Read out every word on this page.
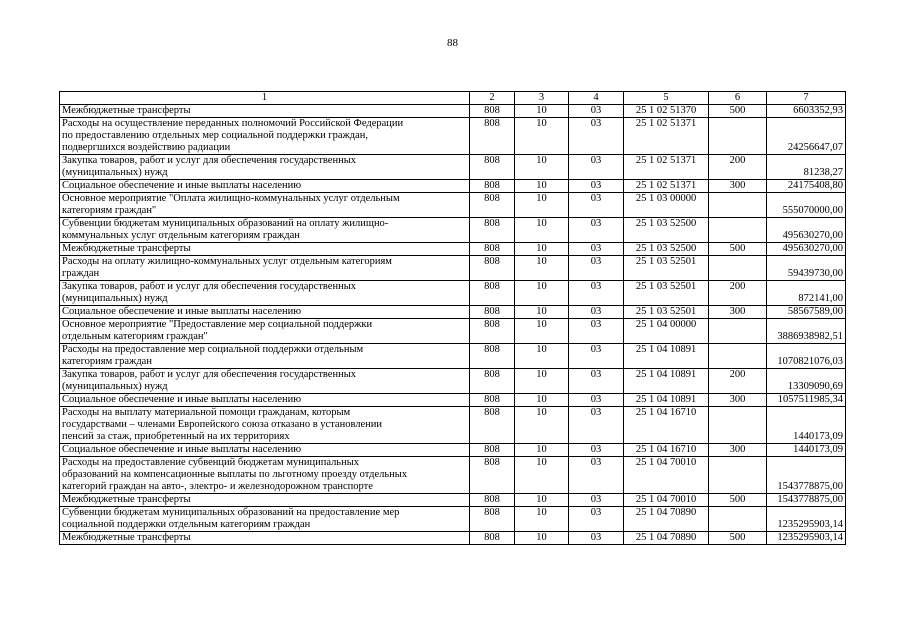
88
1	2	3	4	5	6	7

Межбюджетные трансферты	808	10	03	25 1 02 51370	500	6603352,93

Расходы на осуществление переданных полномочий Российской Федерации
по предоставлению отдельных мер социальной поддержки граждан,
подвергшихся воздействию радиации	808	10	03	25 1 02 51371		24256647,07

Закупка товаров, работ и услуг для обеспечения государственных
(муниципальных) нужд	808	10	03	25 1 02 51371	200	81238,27

Социальное обеспечение и иные выплаты населению	808	10	03	25 1 02 51371	300	24175408,80

Основное мероприятие "Оплата жилищно-коммунальных услуг отдельным
категориям граждан"	808	10	03	25 1 03 00000		555070000,00

Субвенции бюджетам муниципальных образований на оплату жилищно-
коммунальных услуг отдельным категориям граждан	808	10	03	25 1 03 52500		495630270,00

Межбюджетные трансферты	808	10	03	25 1 03 52500	500	495630270,00

Расходы на оплату жилищно-коммунальных услуг отдельным категориям
граждан	808	10	03	25 1 03 52501		59439730,00

Закупка товаров, работ и услуг для обеспечения государственных
(муниципальных) нужд	808	10	03	25 1 03 52501	200	872141,00

Социальное обеспечение и иные выплаты населению	808	10	03	25 1 03 52501	300	58567589,00

Основное мероприятие "Предоставление мер социальной поддержки
отдельным категориям граждан"	808	10	03	25 1 04 00000		3886938982,51

Расходы на предоставление мер социальной поддержки отдельным
категориям граждан	808	10	03	25 1 04 10891		1070821076,03

Закупка товаров, работ и услуг для обеспечения государственных
(муниципальных) нужд	808	10	03	25 1 04 10891	200	13309090,69

Социальное обеспечение и иные выплаты населению	808	10	03	25 1 04 10891	300	1057511985,34

Расходы на выплату материальной помощи гражданам, которым
государствами – членами Европейского союза отказано в установлении
пенсий за стаж, приобретенный на их территориях	808	10	03	25 1 04 16710		1440173,09

Социальное обеспечение и иные выплаты населению	808	10	03	25 1 04 16710	300	1440173,09

Расходы на предоставление субвенций бюджетам муниципальных
образований на компенсационные выплаты по льготному проезду отдельных
категорий граждан на авто-, электро- и железнодорожном транспорте	808	10	03	25 1 04 70010		1543778875,00

Межбюджетные трансферты	808	10	03	25 1 04 70010	500	1543778875,00

Субвенции бюджетам муниципальных образований на предоставление мер
социальной поддержки отдельным категориям граждан	808	10	03	25 1 04 70890		1235295903,14

Межбюджетные трансферты	808	10	03	25 1 04 70890	500	1235295903,14
